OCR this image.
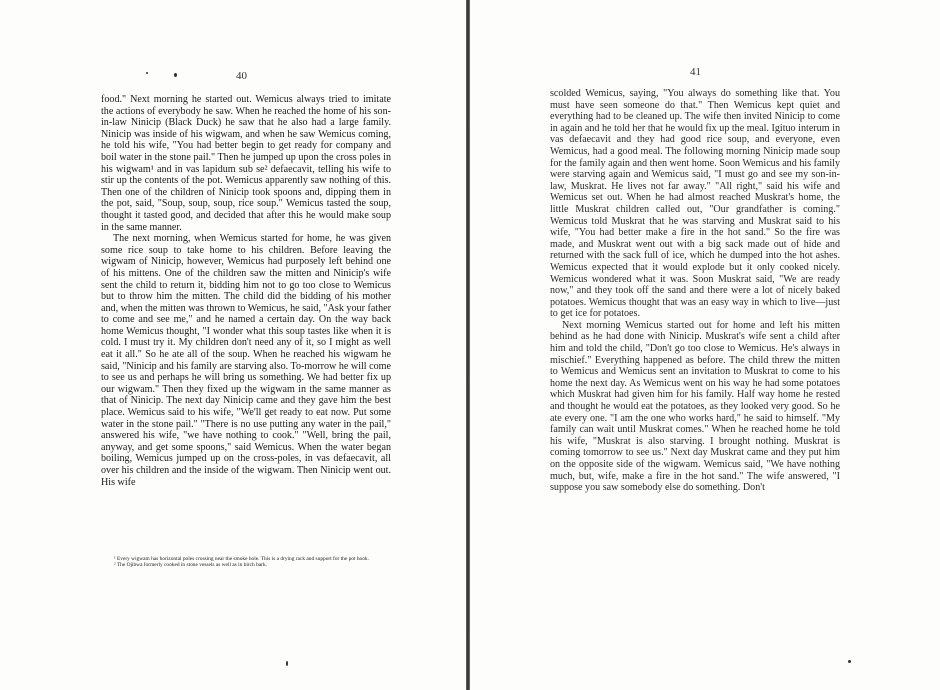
40

food." Next morning he started out. Wemicus always tried to imitate the actions of everybody he saw. When he reached the home of his son-in-law Ninicip (Black Duck) he saw that he also had a large family. Ninicip was inside of his wigwam, and when he saw Wemicus coming, he told his wife, "You had better begin to get ready for company and boil water in the stone pail." Then he jumped up upon the cross poles in his wigwam¹ and in vas lapidum sub se² defaecavit, telling his wife to stir up the contents of the pot. Wemicus apparently saw nothing of this. Then one of the children of Ninicip took spoons and, dipping them in the pot, said, "Soup, soup, soup, rice soup." Wemicus tasted the soup, thought it tasted good, and decided that after this he would make soup in the same manner.

The next morning, when Wemicus started for home, he was given some rice soup to take home to his children. Before leaving the wigwam of Ninicip, however, Wemicus had purposely left behind one of his mittens. One of the children saw the mitten and Ninicip's wife sent the child to return it, bidding him not to go too close to Wemicus but to throw him the mitten. The child did the bidding of his mother and, when the mitten was thrown to Wemicus, he said, "Ask your father to come and see me," and he named a certain day. On the way back home Wemicus thought, "I wonder what this soup tastes like when it is cold. I must try it. My children don't need any of it, so I might as well eat it all." So he ate all of the soup. When he reached his wigwam he said, "Ninicip and his family are starving also. To-morrow he will come to see us and perhaps he will bring us something. We had better fix up our wigwam." Then they fixed up the wigwam in the same manner as that of Ninicip. The next day Ninicip came and they gave him the best place. Wemicus said to his wife, "We'll get ready to eat now. Put some water in the stone pail." "There is no use putting any water in the pail," answered his wife, "we have nothing to cook." "Well, bring the pail, anyway, and get some spoons," said Wemicus. When the water began boiling, Wemicus jumped up on the cross-poles, in vas defaecavit, all over his children and the inside of the wigwam. Then Ninicip went out. His wife

¹ Every wigwam has horizontal poles crossing near the smoke hole. This is a drying rack and support for the pot hook.

² The Ojibwa formerly cooked in stone vessels as well as in birch bark.

41

scolded Wemicus, saying, "You always do something like that. You must have seen someone do that." Then Wemicus kept quiet and everything had to be cleaned up. The wife then invited Ninicip to come in again and he told her that he would fix up the meal. Igituo interum in vas defaecavit and they had good rice soup, and everyone, even Wemicus, had a good meal. The following morning Ninicip made soup for the family again and then went home. Soon Wemicus and his family were starving again and Wemicus said, "I must go and see my son-in-law, Muskrat. He lives not far away." "All right," said his wife and Wemicus set out. When he had almost reached Muskrat's home, the little Muskrat children called out, "Our grandfather is coming." Wemicus told Muskrat that he was starving and Muskrat said to his wife, "You had better make a fire in the hot sand." So the fire was made, and Muskrat went out with a big sack made out of hide and returned with the sack full of ice, which he dumped into the hot ashes. Wemicus expected that it would explode but it only cooked nicely. Wemicus wondered what it was. Soon Muskrat said, "We are ready now," and they took off the sand and there were a lot of nicely baked potatoes. Wemicus thought that was an easy way in which to live—just to get ice for potatoes.

Next morning Wemicus started out for home and left his mitten behind as he had done with Ninicip. Muskrat's wife sent a child after him and told the child, "Don't go too close to Wemicus. He's always in mischief." Everything happened as before. The child threw the mitten to Wemicus and Wemicus sent an invitation to Muskrat to come to his home the next day. As Wemicus went on his way he had some potatoes which Muskrat had given him for his family. Half way home he rested and thought he would eat the potatoes, as they looked very good. So he ate every one. "I am the one who works hard," he said to himself. "My family can wait until Muskrat comes." When he reached home he told his wife, "Muskrat is also starving. I brought nothing. Muskrat is coming tomorrow to see us." Next day Muskrat came and they put him on the opposite side of the wigwam. Wemicus said, "We have nothing much, but, wife, make a fire in the hot sand." The wife answered, "I suppose you saw somebody else do something. Don't
